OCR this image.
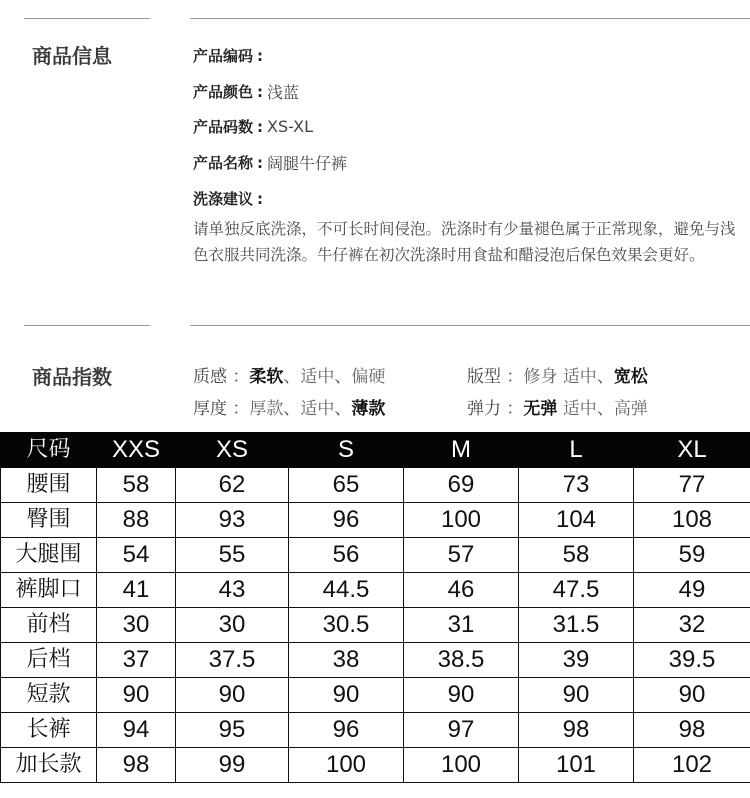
商品信息	产品编码 :
产品颜色 : 浅蓝
产品码数 : XS-XL
产品名称 : 阔腿牛仔裤
洗涤建议 :
请单独反底洗涤，不可长时间侵泡。洗涤时有少量褪色属于正常现象，避免与浅色衣服共同洗涤。牛仔裤在初次洗涤时用食盐和醋浸泡后保色效果会更好。
商品指数	质感 ：柔软、适中、偏硬	版型 ：修身 适中、宽松
厚度 ：厚款、适中、薄款	弹力 ：无弹 适中、高弹
尺码	XXS	XS	S	M	L	XL
腰围	58	62	65	69	73	77
臀围	88	93	96	100	104	108
大腿围	54	55	56	57	58	59
裤脚口	41	43	44.5	46	47.5	49
前档	30	30	30.5	31	31.5	32
后档	37	37.5	38	38.5	39	39.5
短款	90	90	90	90	90	90
长裤	94	95	96	97	98	98
加长款	98	99	100	100	101	102
